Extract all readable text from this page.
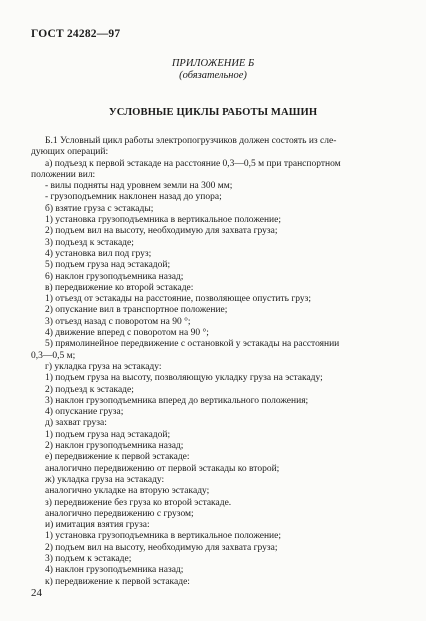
ГОСТ 24282—97
ПРИЛОЖЕНИЕ Б
(обязательное)
УСЛОВНЫЕ ЦИКЛЫ РАБОТЫ МАШИН
Б.1 Условный цикл работы электропогрузчиков должен состоять из сле-
дующих операций:
а) подъезд к первой эстакаде на расстояние 0,3—0,5 м при транспортном
положении вил:
- вилы подняты над уровнем земли на 300 мм;
- грузоподъемник наклонен назад до упора;
б) взятие груза с эстакады;
1) установка грузоподъемника в вертикальное положение;
2) подъем вил на высоту, необходимую для захвата груза;
3) подъезд к эстакаде;
4) установка вил под груз;
5) подъем груза над эстакадой;
6) наклон грузоподъемника назад;
в) передвижение ко второй эстакаде:
1) отъезд от эстакады на расстояние, позволяющее опустить груз;
2) опускание вил в транспортное положение;
3) отъезд назад с поворотом на 90 °;
4) движение вперед с поворотом на 90 °;
5) прямолинейное передвижение с остановкой у эстакады на расстоянии
0,3—0,5 м;
г) укладка груза на эстакаду:
1) подъем груза на высоту, позволяющую укладку груза на эстакаду;
2) подъезд к эстакаде;
3) наклон грузоподъемника вперед до вертикального положения;
4) опускание груза;
д) захват груза:
1) подъем груза над эстакадой;
2) наклон грузоподъемника назад;
е) передвижение к первой эстакаде:
аналогично передвижению от первой эстакады ко второй;
ж) укладка груза на эстакаду:
аналогично укладке на вторую эстакаду;
з) передвижение без груза ко второй эстакаде.
аналогично передвижению с грузом;
и) имитация взятия груза:
1) установка грузоподъемника в вертикальное положение;
2) подъем вил на высоту, необходимую для захвата груза;
3) подъем к эстакаде;
4) наклон грузоподъемника назад;
к) передвижение к первой эстакаде:
24
